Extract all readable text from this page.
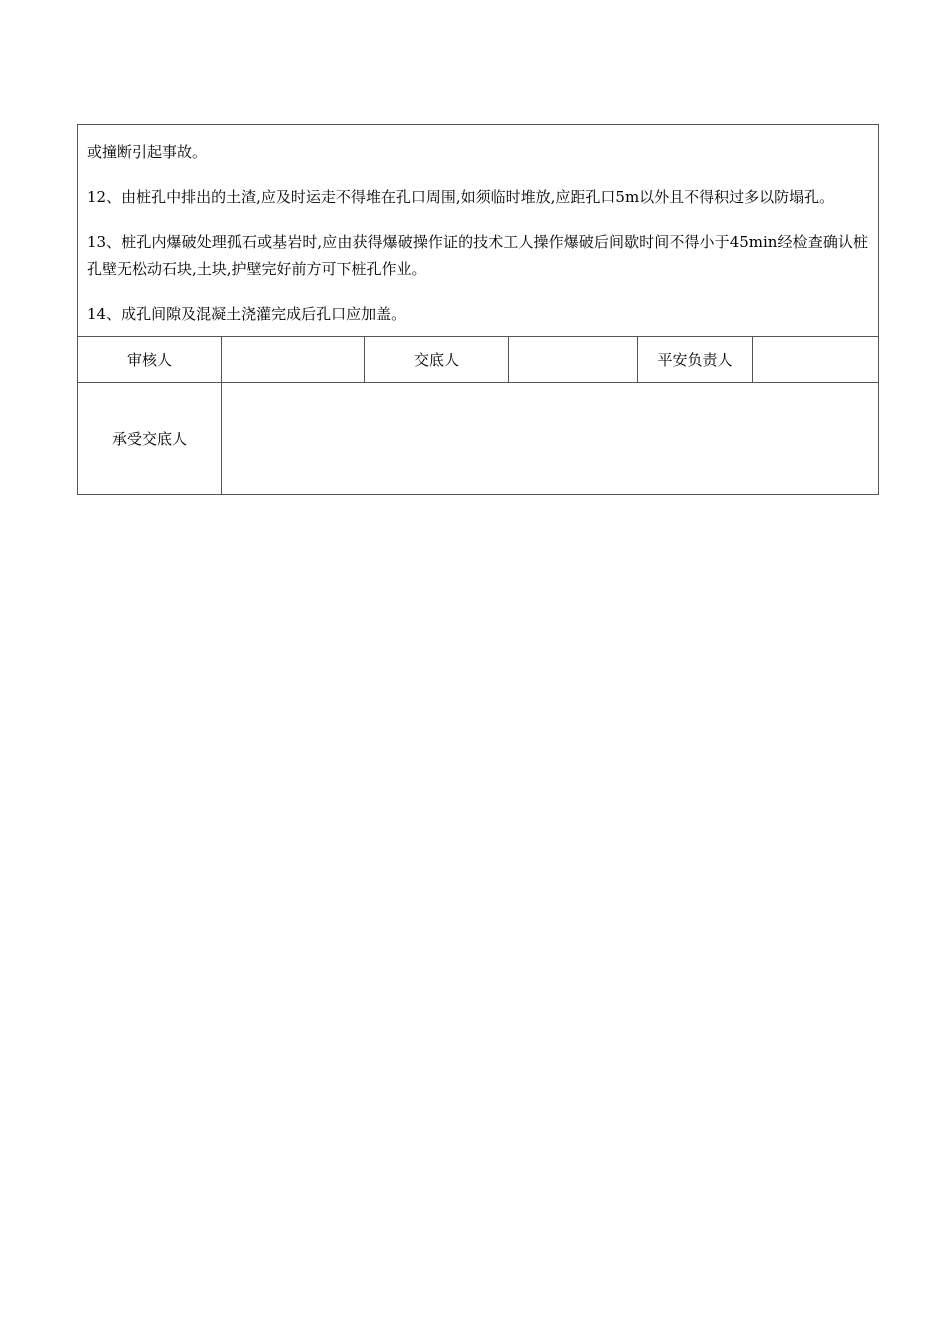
或撞断引起事故。

12、由桩孔中排出的土渣,应及时运走不得堆在孔口周围,如须临时堆放,应距孔口5m以外且不得积过多以防塌孔。

13、桩孔内爆破处理孤石或基岩时,应由获得爆破操作证的技术工人操作爆破后间歇时间不得小于45min经检查确认桩孔壁无松动石块,土块,护壁完好前方可下桩孔作业。

14、成孔间隙及混凝土浇灌完成后孔口应加盖。					

审核人		交底人		平安负责人	
承受交底人					
